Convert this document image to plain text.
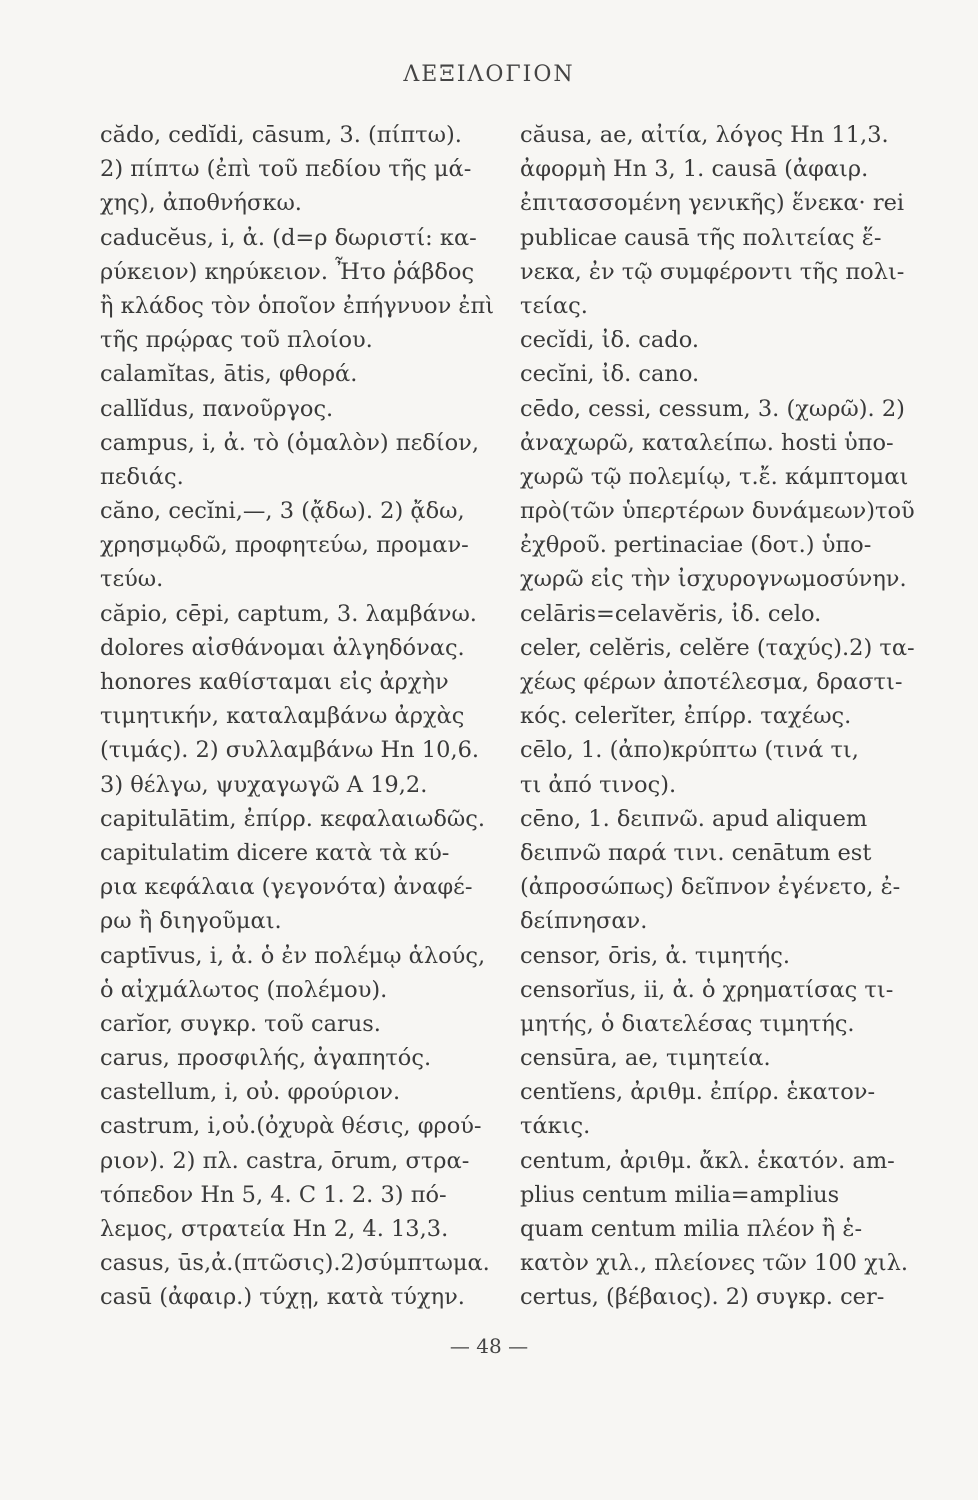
ΛΕΞΙΛΟΓΙΟΝ
cădo, cedĭdi, cāsum, 3. (πίπτω).
2) πίπτω (ἐπὶ τοῦ πεδίου τῆς μά-
χης), ἀποθνήσκω.
caducĕus, i, ἀ. (d=ρ δωριστί: κα-
ρύκειον) κηρύκειον. Ἦτο ῥάβδος
ἢ κλάδος τὸν ὁποῖον ἐπήγνυον ἐπὶ
τῆς πρῴρας τοῦ πλοίου.
calamĭtas, ātis, φθορά.
callĭdus, πανοῦργος.
campus, i, ἀ. τὸ (ὁμαλὸν) πεδίον,
πεδιάς.
căno, cecĭni,—, 3 (ᾄδω). 2) ᾄδω,
χρησμῳδῶ, προφητεύω, προμαν-
τεύω.
căpio, cēpi, captum, 3. λαμβάνω.
dolores αἰσθάνομαι ἀλγηδόνας.
honores καθίσταμαι εἰς ἀρχὴν
τιμητικήν, καταλαμβάνω ἀρχὰς
(τιμάς). 2) συλλαμβάνω Hn 10,6.
3) θέλγω, ψυχαγωγῶ A 19,2.
capitulātim, ἐπίρρ. κεφαλαιωδῶς.
capitulatim dicere κατὰ τὰ κύ-
ρια κεφάλαια (γεγονότα) ἀναφέ-
ρω ἢ διηγοῦμαι.
captīvus, i, ἀ. ὁ ἐν πολέμῳ ἁλούς,
ὁ αἰχμάλωτος (πολέμου).
carĭor, συγκρ. τοῦ carus.
carus, προσφιλής, ἀγαπητός.
castellum, i, οὐ. φρούριον.
castrum, i,οὐ.(ὀχυρὰ θέσις, φρού-
ριον). 2) πλ. castra, ōrum, στρα-
τόπεδον Hn 5, 4. C 1. 2. 3) πό-
λεμος, στρατεία Hn 2, 4. 13,3.
casus, ūs,ἀ.(πτῶσις).2)σύμπτωμα.
casū (ἀφαιρ.) τύχῃ, κατὰ τύχην.
căusa, ae, αἰτία, λόγος Hn 11,3.
ἀφορμὴ Hn 3, 1. causā (ἀφαιρ.
ἐπιτασσομένη γενικῆς) ἕνεκα· rei
publicae causā τῆς πολιτείας ἕ-
νεκα, ἐν τῷ συμφέροντι τῆς πολι-
τείας.
cecĭdi, ἰδ. cado.
cecĭni, ἰδ. cano.
cēdo, cessi, cessum, 3. (χωρῶ). 2)
ἀναχωρῶ, καταλείπω. hosti ὑπο-
χωρῶ τῷ πολεμίῳ, τ.ἔ. κάμπτομαι
πρὸ(τῶν ὑπερτέρων δυνάμεων)τοῦ
ἐχθροῦ. pertinaciae (δοτ.) ὑπο-
χωρῶ εἰς τὴν ἰσχυρογνωμοσύνην.
celāris=celavĕris, ἰδ. celo.
celer, celĕris, celĕre (ταχύς).2) τα-
χέως φέρων ἀποτέλεσμα, δραστι-
κός. celerĭter, ἐπίρρ. ταχέως.
cēlo, 1. (ἀπο)κρύπτω (τινά τι,
τι ἀπό τινος).
cēno, 1. δειπνῶ. apud aliquem
δειπνῶ παρά τινι. cenātum est
(ἀπροσώπως) δεῖπνον ἐγένετο, ἐ-
δείπνησαν.
censor, ōris, ἀ. τιμητής.
censorĭus, ii, ἀ. ὁ χρηματίσας τι-
μητής, ὁ διατελέσας τιμητής.
censūra, ae, τιμητεία.
centĭens, ἀριθμ. ἐπίρρ. ἑκατον-
τάκις.
centum, ἀριθμ. ἄκλ. ἑκατόν. am-
plius centum milia=amplius
quam centum milia πλέον ἢ ἑ-
κατὸν χιλ., πλείονες τῶν 100 χιλ.
certus, (βέβαιος). 2) συγκρ. cer-
— 48 —
